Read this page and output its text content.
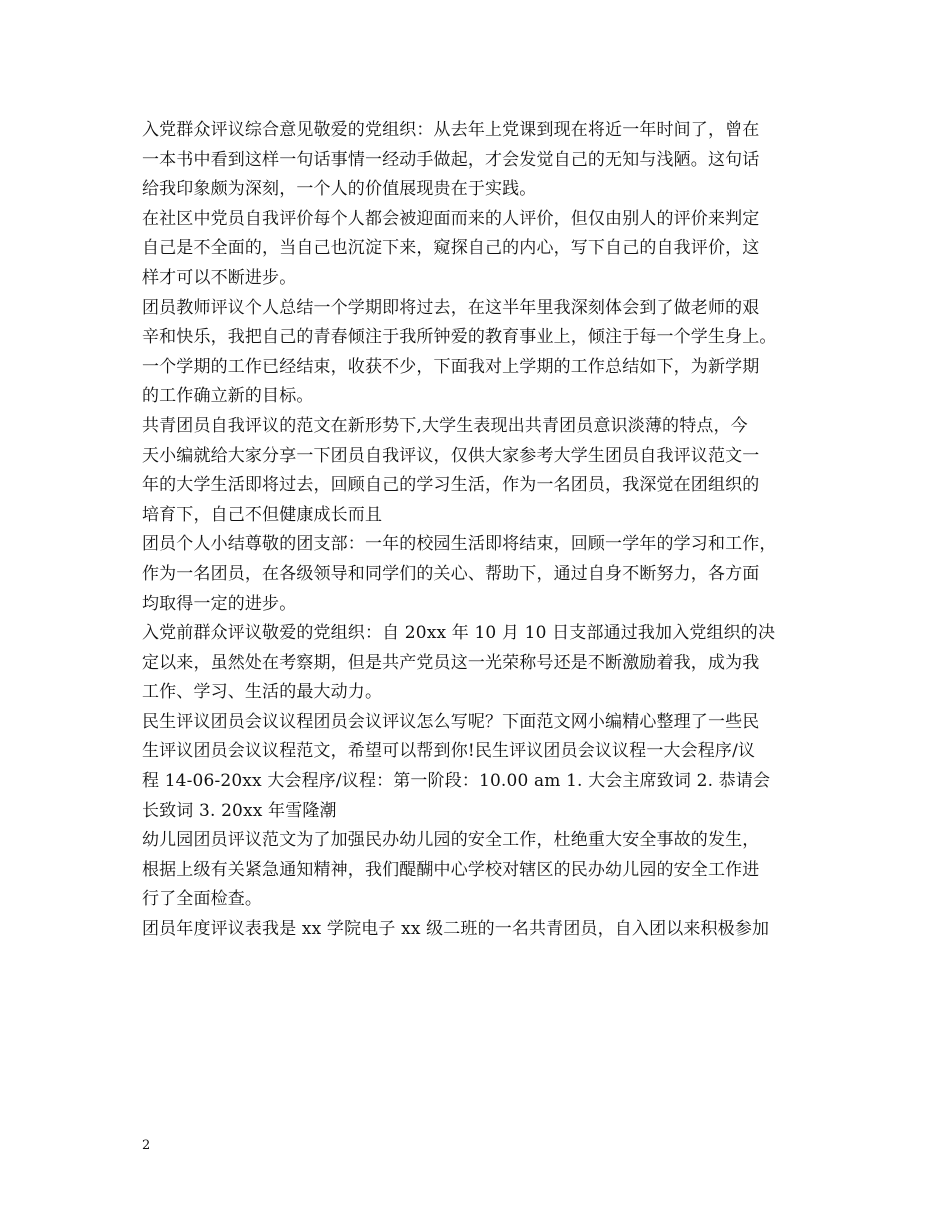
入党群众评议综合意见敬爱的党组织：从去年上党课到现在将近一年时间了，曾在
一本书中看到这样一句话事情一经动手做起，才会发觉自己的无知与浅陋。这句话
给我印象颇为深刻，一个人的价值展现贵在于实践。
在社区中党员自我评价每个人都会被迎面而来的人评价，但仅由别人的评价来判定
自己是不全面的，当自己也沉淀下来，窥探自己的内心，写下自己的自我评价，这
样才可以不断进步。
团员教师评议个人总结一个学期即将过去，在这半年里我深刻体会到了做老师的艰
辛和快乐，我把自己的青春倾注于我所钟爱的教育事业上，倾注于每一个学生身上。
一个学期的工作已经结束，收获不少，下面我对上学期的工作总结如下，为新学期
的工作确立新的目标。
共青团员自我评议的范文在新形势下,大学生表现出共青团员意识淡薄的特点，今
天小编就给大家分享一下团员自我评议，仅供大家参考大学生团员自我评议范文一
年的大学生活即将过去，回顾自己的学习生活，作为一名团员，我深觉在团组织的
培育下，自己不但健康成长而且
团员个人小结尊敬的团支部：一年的校园生活即将结束，回顾一学年的学习和工作，
作为一名团员，在各级领导和同学们的关心、帮助下，通过自身不断努力，各方面
均取得一定的进步。
入党前群众评议敬爱的党组织：自 20xx 年 10 月 10 日支部通过我加入党组织的决
定以来，虽然处在考察期，但是共产党员这一光荣称号还是不断激励着我，成为我
工作、学习、生活的最大动力。
民生评议团员会议议程团员会议评议怎么写呢？下面范文网小编精心整理了一些民
生评议团员会议议程范文，希望可以帮到你!民生评议团员会议议程一大会程序/议
程 14-06-20xx 大会程序/议程：第一阶段：10.00 am 1. 大会主席致词 2. 恭请会
长致词 3. 20xx 年雪隆潮
幼儿园团员评议范文为了加强民办幼儿园的安全工作，杜绝重大安全事故的发生，
根据上级有关紧急通知精神，我们醍醐中心学校对辖区的民办幼儿园的安全工作进
行了全面检查。
团员年度评议表我是 xx 学院电子 xx 级二班的一名共青团员，自入团以来积极参加
2
